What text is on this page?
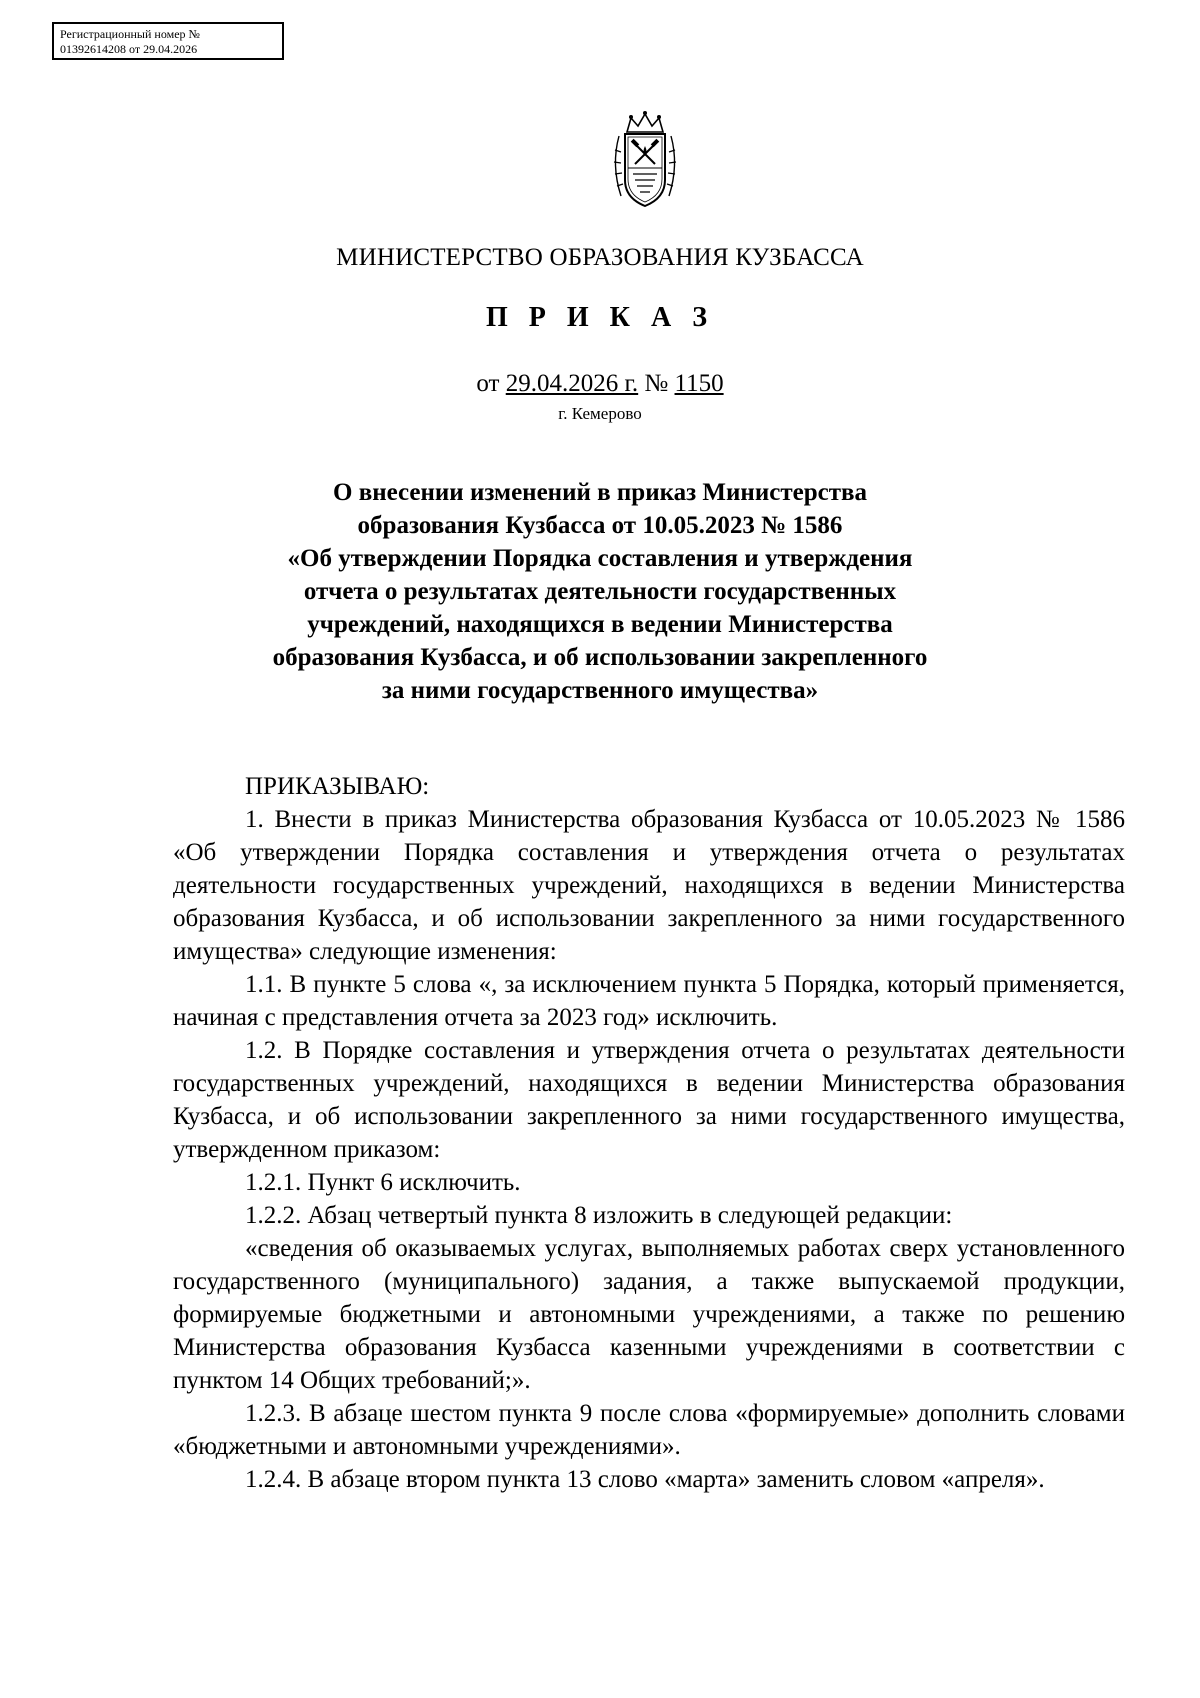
Регистрационный номер №
01392614208 от 29.04.2026
МИНИСТЕРСТВО ОБРАЗОВАНИЯ КУЗБАССА
П Р И К А З
от 29.04.2026 г. № 1150
г. Кемерово
О внесении изменений в приказ Министерства
образования Кузбасса от 10.05.2023 № 1586
«Об утверждении Порядка составления и утверждения
отчета о результатах деятельности государственных
учреждений, находящихся в ведении Министерства
образования Кузбасса, и об использовании закрепленного
за ними государственного имущества»

ПРИКАЗЫВАЮ:

1. Внести в приказ Министерства образования Кузбасса от 10.05.2023 № 1586 «Об утверждении Порядка составления и утверждения отчета о результатах деятельности государственных учреждений, находящихся в ведении Министерства образования Кузбасса, и об использовании закрепленного за ними государственного имущества» следующие изменения:

1.1. В пункте 5 слова «, за исключением пункта 5 Порядка, который применяется, начиная с представления отчета за 2023 год» исключить.

1.2. В Порядке составления и утверждения отчета о результатах деятельности государственных учреждений, находящихся в ведении Министерства образования Кузбасса, и об использовании закрепленного за ними государственного имущества, утвержденном приказом:

1.2.1. Пункт 6 исключить.

1.2.2. Абзац четвертый пункта 8 изложить в следующей редакции:

«сведения об оказываемых услугах, выполняемых работах сверх установленного государственного (муниципального) задания, а также выпускаемой продукции, формируемые бюджетными и автономными учреждениями, а также по решению Министерства образования Кузбасса казенными учреждениями в соответствии с пунктом 14 Общих требований;».

1.2.3. В абзаце шестом пункта 9 после слова «формируемые» дополнить словами «бюджетными и автономными учреждениями».

1.2.4. В абзаце втором пункта 13 слово «марта» заменить словом «апреля».
